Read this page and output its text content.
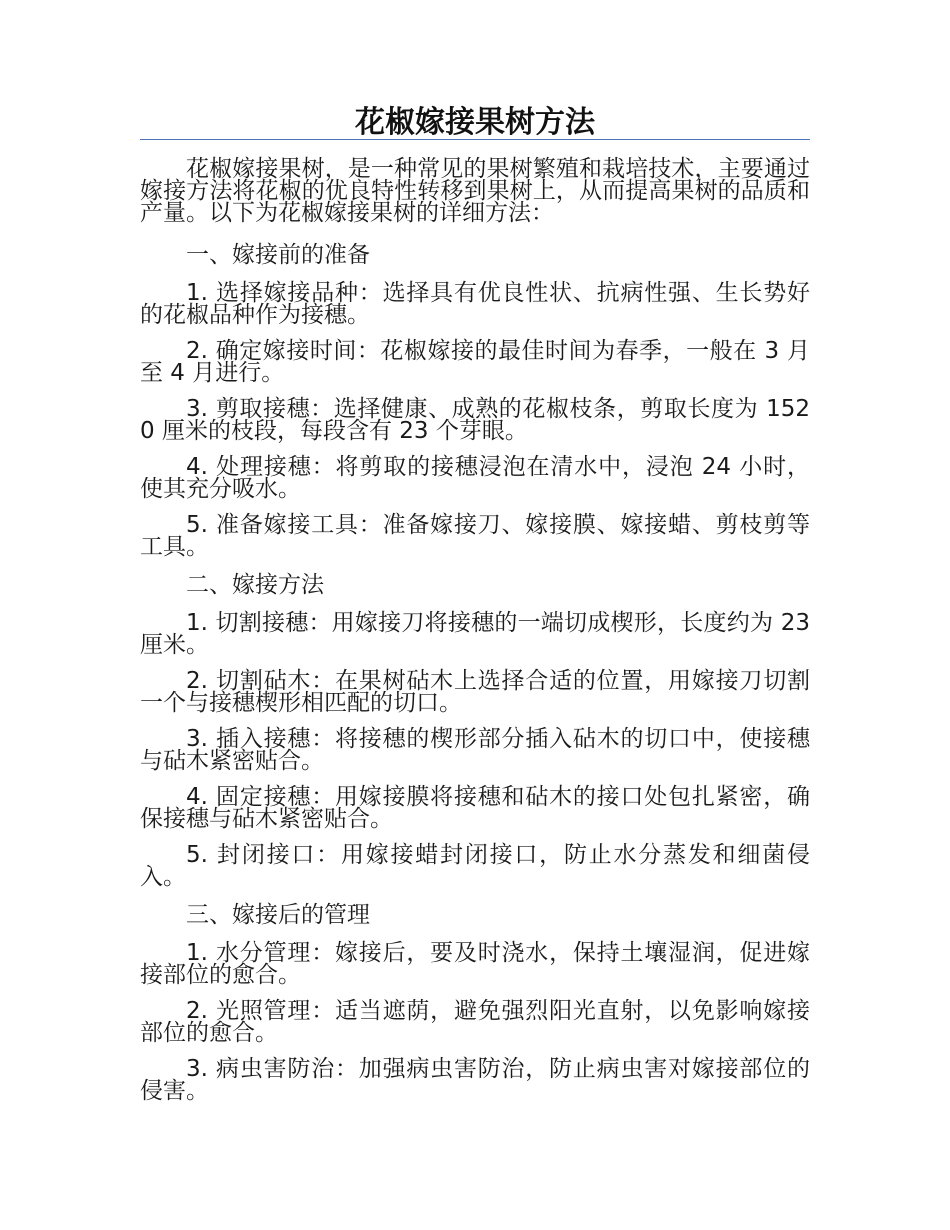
花椒嫁接果树方法

花椒嫁接果树，是一种常见的果树繁殖和栽培技术，主要通过嫁接方法将花椒的优良特性转移到果树上，从而提高果树的品质和产量。以下为花椒嫁接果树的详细方法：

一、嫁接前的准备

1. 选择嫁接品种：选择具有优良性状、抗病性强、生长势好的花椒品种作为接穗。

2. 确定嫁接时间：花椒嫁接的最佳时间为春季，一般在 3 月至 4 月进行。

3. 剪取接穗：选择健康、成熟的花椒枝条，剪取长度为 1520 厘米的枝段，每段含有 23 个芽眼。

4. 处理接穗：将剪取的接穗浸泡在清水中，浸泡 24 小时，使其充分吸水。

5. 准备嫁接工具：准备嫁接刀、嫁接膜、嫁接蜡、剪枝剪等工具。

二、嫁接方法

1. 切割接穗：用嫁接刀将接穗的一端切成楔形，长度约为 23 厘米。

2. 切割砧木：在果树砧木上选择合适的位置，用嫁接刀切割一个与接穗楔形相匹配的切口。

3. 插入接穗：将接穗的楔形部分插入砧木的切口中，使接穗与砧木紧密贴合。

4. 固定接穗：用嫁接膜将接穗和砧木的接口处包扎紧密，确保接穗与砧木紧密贴合。

5. 封闭接口：用嫁接蜡封闭接口，防止水分蒸发和细菌侵入。

三、嫁接后的管理

1. 水分管理：嫁接后，要及时浇水，保持土壤湿润，促进嫁接部位的愈合。

2. 光照管理：适当遮荫，避免强烈阳光直射，以免影响嫁接部位的愈合。

3. 病虫害防治：加强病虫害防治，防止病虫害对嫁接部位的侵害。
